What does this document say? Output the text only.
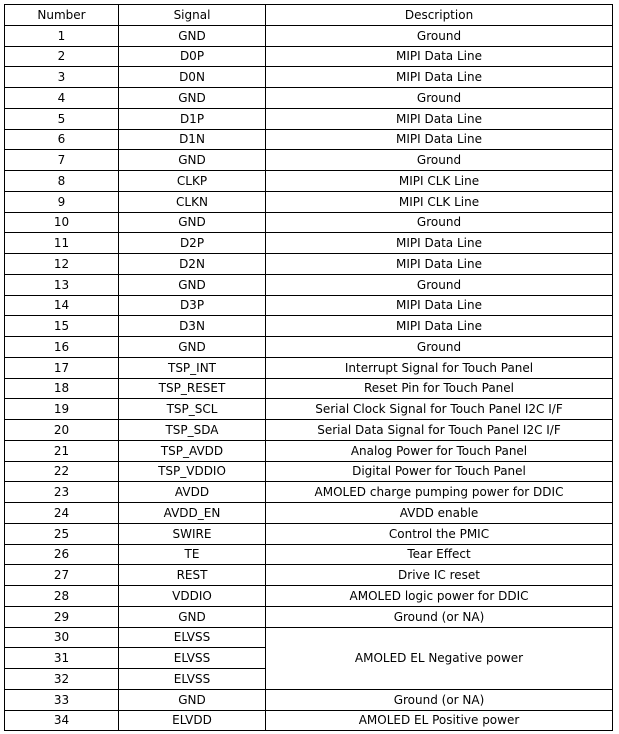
Number	Signal	Description
1	GND	Ground
2	D0P	MIPI Data Line
3	D0N	MIPI Data Line
4	GND	Ground
5	D1P	MIPI Data Line
6	D1N	MIPI Data Line
7	GND	Ground
8	CLKP	MIPI CLK Line
9	CLKN	MIPI CLK Line
10	GND	Ground
11	D2P	MIPI Data Line
12	D2N	MIPI Data Line
13	GND	Ground
14	D3P	MIPI Data Line
15	D3N	MIPI Data Line
16	GND	Ground
17	TSP_INT	Interrupt Signal for Touch Panel
18	TSP_RESET	Reset Pin for Touch Panel
19	TSP_SCL	Serial Clock Signal for Touch Panel I2C I/F
20	TSP_SDA	Serial Data Signal for Touch Panel I2C I/F
21	TSP_AVDD	Analog Power for Touch Panel
22	TSP_VDDIO	Digital Power for Touch Panel
23	AVDD	AMOLED charge pumping power for DDIC
24	AVDD_EN	AVDD enable
25	SWIRE	Control the PMIC
26	TE	Tear Effect
27	REST	Drive IC reset
28	VDDIO	AMOLED logic power for DDIC
29	GND	Ground (or NA)
30	ELVSS	AMOLED EL Negative power
31	ELVSS	
32	ELVSS	
33	GND	Ground (or NA)
34	ELVDD	AMOLED EL Positive power
